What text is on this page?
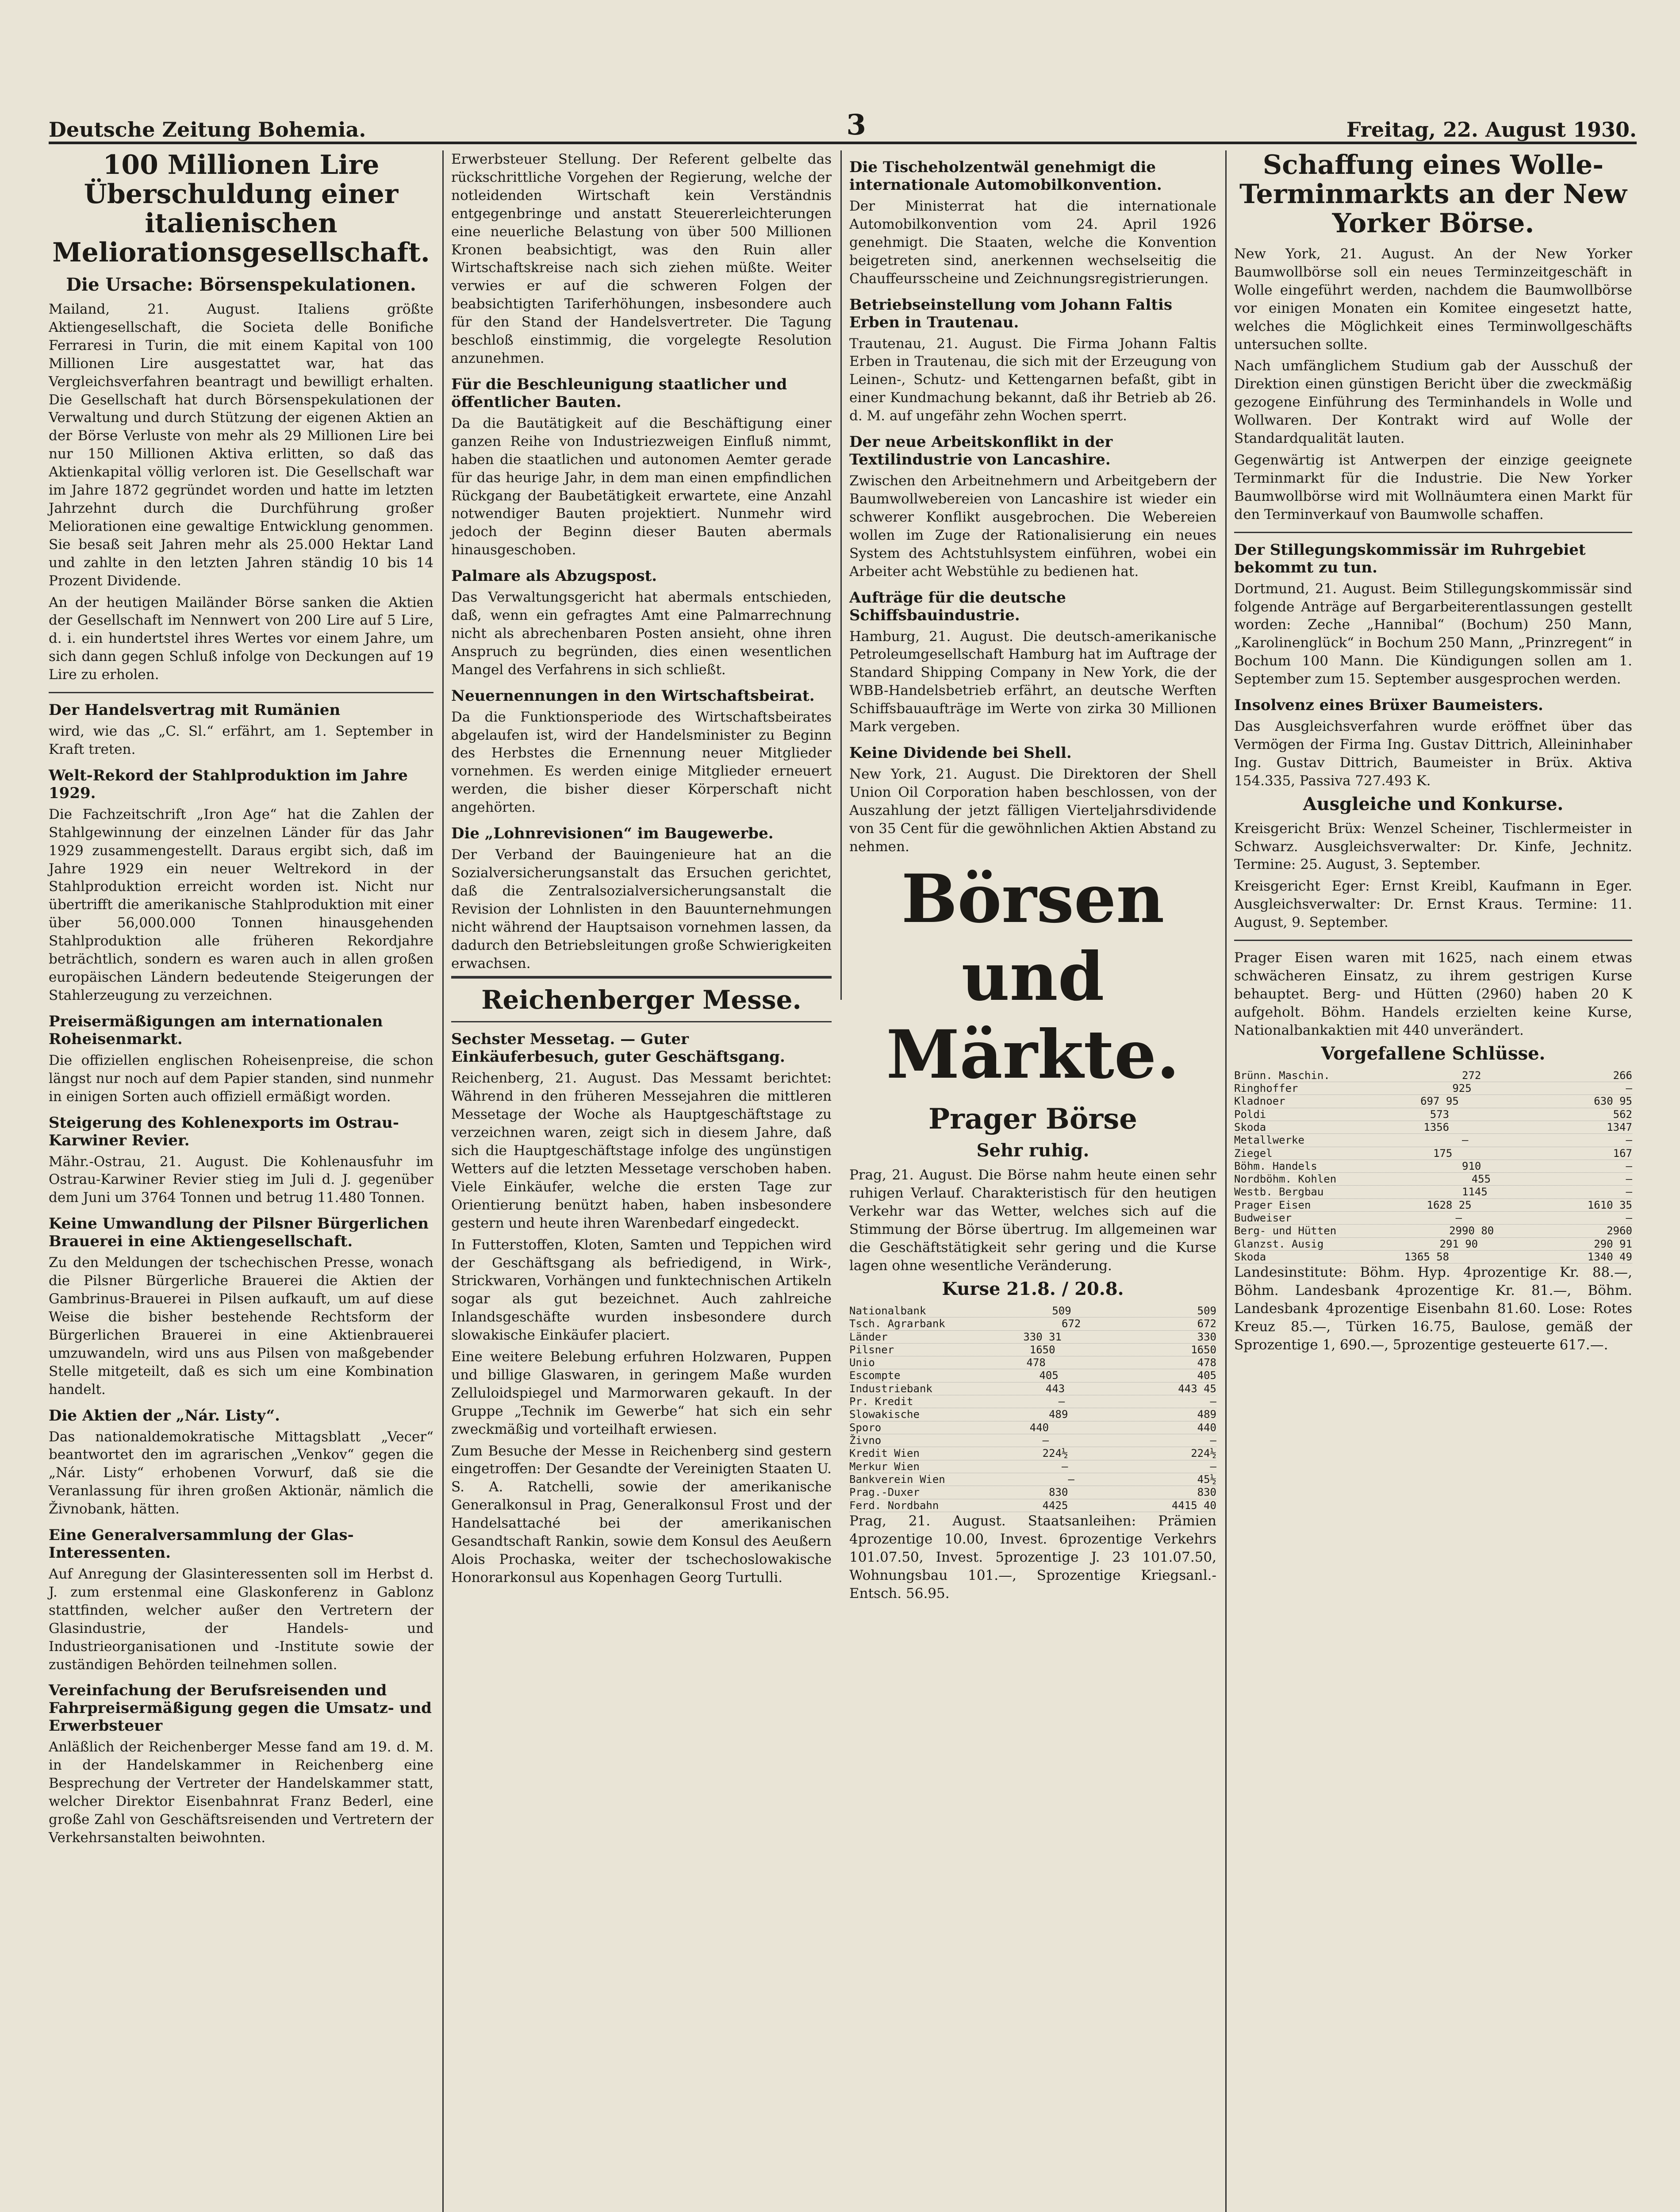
Deutsche Zeitung Bohemia.	3	Freitag, 22. August 1930.
100 Millionen Lire Überschuldung einer italienischen Meliorationsgesellschaft.
Die Ursache: Börsenspekulationen.

Mailand, 21. August. Italiens größte Aktiengesellschaft, die Societa delle Bonifiche Ferraresi in Turin, die mit einem Kapital von 100 Millionen Lire ausgestattet war, hat das Vergleichsverfahren beantragt und bewilligt erhalten. Die Gesellschaft hat durch Börsenspekulationen der Verwaltung und durch Stützung der eigenen Aktien an der Börse Verluste von mehr als 29 Millionen Lire bei nur 150 Millionen Aktiva erlitten, so daß das Aktienkapital völlig verloren ist. Die Gesellschaft war im Jahre 1872 gegründet worden und hatte im letzten Jahrzehnt durch die Durchführung großer Meliorationen eine gewaltige Entwicklung genommen. Sie besaß seit Jahren mehr als 25.000 Hektar Land und zahlte in den letzten Jahren ständig 10 bis 14 Prozent Dividende.

An der heutigen Mailänder Börse sanken die Aktien der Gesellschaft im Nennwert von 200 Lire auf 5 Lire, d. i. ein hundertstel ihres Wertes vor einem Jahre, um sich dann gegen Schluß infolge von Deckungen auf 19 Lire zu erholen.

Der Handelsvertrag mit Rumänien

wird, wie das „C. Sl.“ erfährt, am 1. September in Kraft treten.

Welt-Rekord der Stahlproduktion im Jahre 1929.

Die Fachzeitschrift „Iron Age“ hat die Zahlen der Stahlgewinnung der einzelnen Länder für das Jahr 1929 zusammengestellt. Daraus ergibt sich, daß im Jahre 1929 ein neuer Weltrekord in der Stahlproduktion erreicht worden ist. Nicht nur übertrifft die amerikanische Stahlproduktion mit einer über 56,000.000 Tonnen hinausgehenden Stahlproduktion alle früheren Rekordjahre beträchtlich, sondern es waren auch in allen großen europäischen Ländern bedeutende Steigerungen der Stahlerzeugung zu verzeichnen.

Preisermäßigungen am internationalen Roheisenmarkt.

Die offiziellen englischen Roheisenpreise, die schon längst nur noch auf dem Papier standen, sind nunmehr in einigen Sorten auch offiziell ermäßigt worden.

Steigerung des Kohlenexports im Ostrau-Karwiner Revier.

Mähr.-Ostrau, 21. August. Die Kohlenausfuhr im Ostrau-Karwiner Revier stieg im Juli d. J. gegenüber dem Juni um 3764 Tonnen und betrug 11.480 Tonnen.

Keine Umwandlung der Pilsner Bürgerlichen Brauerei in eine Aktiengesellschaft.

Zu den Meldungen der tschechischen Presse, wonach die Pilsner Bürgerliche Brauerei die Aktien der Gambrinus-Brauerei in Pilsen aufkauft, um auf diese Weise die bisher bestehende Rechtsform der Bürgerlichen Brauerei in eine Aktienbrauerei umzuwandeln, wird uns aus Pilsen von maßgebender Stelle mitgeteilt, daß es sich um eine Kombination handelt.

Die Aktien der „Nár. Listy“.

Das nationaldemokratische Mittagsblatt „Vecer“ beantwortet den im agrarischen „Venkov“ gegen die „Nár. Listy“ erhobenen Vorwurf, daß sie die Veranlassung für ihren großen Aktionär, nämlich die Živnobank, hätten.

Eine Generalversammlung der Glas-Interessenten.

Auf Anregung der Glasinteressenten soll im Herbst d. J. zum erstenmal eine Glaskonferenz in Gablonz stattfinden, welcher außer den Vertretern der Glasindustrie, der Handels- und Industrieorganisationen und -Institute sowie der zuständigen Behörden teilnehmen sollen.

Vereinfachung der Berufsreisenden und Fahrpreisermäßigung gegen die Umsatz- und Erwerbsteuer

Anläßlich der Reichenberger Messe fand am 19. d. M. in der Handelskammer in Reichenberg eine Besprechung der Vertreter der Handelskammer statt, welcher Direktor Eisenbahnrat Franz Bederl, eine große Zahl von Geschäftsreisenden und Vertretern der Verkehrsanstalten beiwohnten.

Erwerbsteuer Stellung. Der Referent gelbelte das rückschrittliche Vorgehen der Regierung, welche der notleidenden Wirtschaft kein Verständnis entgegenbringe und anstatt Steuererleichterungen eine neuerliche Belastung von über 500 Millionen Kronen beabsichtigt, was den Ruin aller Wirtschaftskreise nach sich ziehen müßte. Weiter verwies er auf die schweren Folgen der beabsichtigten Tariferhöhungen, insbesondere auch für den Stand der Handelsvertreter. Die Tagung beschloß einstimmig, die vorgelegte Resolution anzunehmen.

Für die Beschleunigung staatlicher und öffentlicher Bauten.

Da die Bautätigkeit auf die Beschäftigung einer ganzen Reihe von Industriezweigen Einfluß nimmt, haben die staatlichen und autonomen Aemter gerade für das heurige Jahr, in dem man einen empfindlichen Rückgang der Baubetätigkeit erwartete, eine Anzahl notwendiger Bauten projektiert. Nunmehr wird jedoch der Beginn dieser Bauten abermals hinausgeschoben.

Palmare als Abzugspost.

Das Verwaltungsgericht hat abermals entschieden, daß, wenn ein gefragtes Amt eine Palmarrechnung nicht als abrechenbaren Posten ansieht, ohne ihren Anspruch zu begründen, dies einen wesentlichen Mangel des Verfahrens in sich schließt.

Neuernennungen in den Wirtschaftsbeirat.

Da die Funktionsperiode des Wirtschaftsbeirates abgelaufen ist, wird der Handelsminister zu Beginn des Herbstes die Ernennung neuer Mitglieder vornehmen. Es werden einige Mitglieder erneuert werden, die bisher dieser Körperschaft nicht angehörten.

Die „Lohnrevisionen“ im Baugewerbe.

Der Verband der Bauingenieure hat an die Sozialversicherungsanstalt das Ersuchen gerichtet, daß die Zentralsozialversicherungsanstalt die Revision der Lohnlisten in den Bauunternehmungen nicht während der Hauptsaison vornehmen lassen, da dadurch den Betriebsleitungen große Schwierigkeiten erwachsen.

Reichenberger Messe.
Sechster Messetag. — Guter Einkäuferbesuch, guter Geschäftsgang.

Reichenberg, 21. August. Das Messamt berichtet: Während in den früheren Messejahren die mittleren Messetage der Woche als Hauptgeschäftstage zu verzeichnen waren, zeigt sich in diesem Jahre, daß sich die Hauptgeschäftstage infolge des ungünstigen Wetters auf die letzten Messetage verschoben haben. Viele Einkäufer, welche die ersten Tage zur Orientierung benützt haben, haben insbesondere gestern und heute ihren Warenbedarf eingedeckt.

In Futterstoffen, Kloten, Samten und Teppichen wird der Geschäftsgang als befriedigend, in Wirk-, Strickwaren, Vorhängen und funktechnischen Artikeln sogar als gut bezeichnet. Auch zahlreiche Inlandsgeschäfte wurden insbesondere durch slowakische Einkäufer placiert.

Eine weitere Belebung erfuhren Holzwaren, Puppen und billige Glaswaren, in geringem Maße wurden Zelluloidspiegel und Marmorwaren gekauft. In der Gruppe „Technik im Gewerbe“ hat sich ein sehr zweckmäßig und vorteilhaft erwiesen.

Zum Besuche der Messe in Reichenberg sind gestern eingetroffen: Der Gesandte der Vereinigten Staaten U. S. A. Ratchelli, sowie der amerikanische Generalkonsul in Prag, Generalkonsul Frost und der Handelsattaché bei der amerikanischen Gesandtschaft Rankin, sowie dem Konsul des Aeußern Alois Prochaska, weiter der tschechoslowakische Honorarkonsul aus Kopenhagen Georg Turtulli.

Die Tischeholzentwäl genehmigt die internationale Automobilkonvention.

Der Ministerrat hat die internationale Automobilkonvention vom 24. April 1926 genehmigt. Die Staaten, welche die Konvention beigetreten sind, anerkennen wechselseitig die Chauffeursscheine und Zeichnungsregistrierungen.

Betriebseinstellung vom Johann Faltis Erben in Trautenau.

Trautenau, 21. August. Die Firma Johann Faltis Erben in Trautenau, die sich mit der Erzeugung von Leinen-, Schutz- und Kettengarnen befaßt, gibt in einer Kundmachung bekannt, daß ihr Betrieb ab 26. d. M. auf ungefähr zehn Wochen sperrt.

Der neue Arbeitskonflikt in der Textilindustrie von Lancashire.

Zwischen den Arbeitnehmern und Arbeitgebern der Baumwollwebereien von Lancashire ist wieder ein schwerer Konflikt ausgebrochen. Die Webereien wollen im Zuge der Rationalisierung ein neues System des Achtstuhlsystem einführen, wobei ein Arbeiter acht Webstühle zu bedienen hat.

Aufträge für die deutsche Schiffsbauindustrie.

Hamburg, 21. August. Die deutsch-amerikanische Petroleumgesellschaft Hamburg hat im Auftrage der Standard Shipping Company in New York, die der WBB-Handelsbetrieb erfährt, an deutsche Werften Schiffsbauaufträge im Werte von zirka 30 Millionen Mark vergeben.

Keine Dividende bei Shell.

New York, 21. August. Die Direktoren der Shell Union Oil Corporation haben beschlossen, von der Auszahlung der jetzt fälligen Vierteljahrsdividende von 35 Cent für die gewöhnlichen Aktien Abstand zu nehmen.

Börsen und Märkte.
Prager Börse
Sehr ruhig.

Prag, 21. August. Die Börse nahm heute einen sehr ruhigen Verlauf. Charakteristisch für den heutigen Verkehr war das Wetter, welches sich auf die Stimmung der Börse übertrug. Im allgemeinen war die Geschäftstätigkeit sehr gering und die Kurse lagen ohne wesentliche Veränderung.

Kurse 21.8. / 20.8.
Nationalbank	509	509
Tsch. Agrarbank	672	672
Länder	330 31	330
Pilsner	1650	1650
Unio	478	478
Escompte	405	405
Industriebank	443	443 45
Pr. Kredit	—	—
Slowakische	489	489
Sporo	440	440
Živno	—	—
Kredit Wien	224½	224½
Merkur Wien	—	—
Bankverein Wien	—	45½
Prag.-Duxer	830	830
Ferd. Nordbahn	4425	4415 40

Prag, 21. August. Staatsanleihen: Prämien 4prozentige 10.00, Invest. 6prozentige Verkehrs 101.07.50, Invest. 5prozentige J. 23 101.07.50, Wohnungsbau 101.—, Sprozentige Kriegsanl.-Entsch. 56.95.

Schaffung eines Wolle-Terminmarkts an der New Yorker Börse.

New York, 21. August. An der New Yorker Baumwollbörse soll ein neues Terminzeitgeschäft in Wolle eingeführt werden, nachdem die Baumwollbörse vor einigen Monaten ein Komitee eingesetzt hatte, welches die Möglichkeit eines Terminwollgeschäfts untersuchen sollte.

Nach umfänglichem Studium gab der Ausschuß der Direktion einen günstigen Bericht über die zweckmäßig gezogene Einführung des Terminhandels in Wolle und Wollwaren. Der Kontrakt wird auf Wolle der Standardqualität lauten.

Gegenwärtig ist Antwerpen der einzige geeignete Terminmarkt für die Industrie. Die New Yorker Baumwollbörse wird mit Wollnäumtera einen Markt für den Terminverkauf von Baumwolle schaffen.

Der Stillegungskommissär im Ruhrgebiet bekommt zu tun.

Dortmund, 21. August. Beim Stillegungskommissär sind folgende Anträge auf Bergarbeiterentlassungen gestellt worden: Zeche „Hannibal“ (Bochum) 250 Mann, „Karolinenglück“ in Bochum 250 Mann, „Prinzregent“ in Bochum 100 Mann. Die Kündigungen sollen am 1. September zum 15. September ausgesprochen werden.

Insolvenz eines Brüxer Baumeisters.

Das Ausgleichsverfahren wurde eröffnet über das Vermögen der Firma Ing. Gustav Dittrich, Alleininhaber Ing. Gustav Dittrich, Baumeister in Brüx. Aktiva 154.335, Passiva 727.493 K.

Ausgleiche und Konkurse.

Kreisgericht Brüx: Wenzel Scheiner, Tischlermeister in Schwarz. Ausgleichsverwalter: Dr. Kinfe, Jechnitz. Termine: 25. August, 3. September.

Kreisgericht Eger: Ernst Kreibl, Kaufmann in Eger. Ausgleichsverwalter: Dr. Ernst Kraus. Termine: 11. August, 9. September.

Prager Eisen waren mit 1625, nach einem etwas schwächeren Einsatz, zu ihrem gestrigen Kurse behauptet. Berg- und Hütten (2960) haben 20 K aufgeholt. Böhm. Handels erzielten keine Kurse, Nationalbankaktien mit 440 unverändert.

Vorgefallene Schlüsse.
Brünn. Maschin.	272	266
Ringhoffer	925	—
Kladnoer	697 95	630 95
Poldi	573	562
Skoda	1356	1347
Metallwerke	—	—
Ziegel	175	167
Böhm. Handels	910	—
Nordböhm. Kohlen	455	—
Westb. Bergbau	1145	—
Prager Eisen	1628 25	1610 35
Budweiser	—	—
Berg- und Hütten	2990 80	2960
Glanzst. Ausig	291 90	290 91
Skoda	1365 58	1340 49

Landesinstitute: Böhm. Hyp. 4prozentige Kr. 88.—, Böhm. Landesbank 4prozentige Kr. 81.—, Böhm. Landesbank 4prozentige Eisenbahn 81.60. Lose: Rotes Kreuz 85.—, Türken 16.75, Baulose, gemäß der Sprozentige 1, 690.—, 5prozentige gesteuerte 617.—.
